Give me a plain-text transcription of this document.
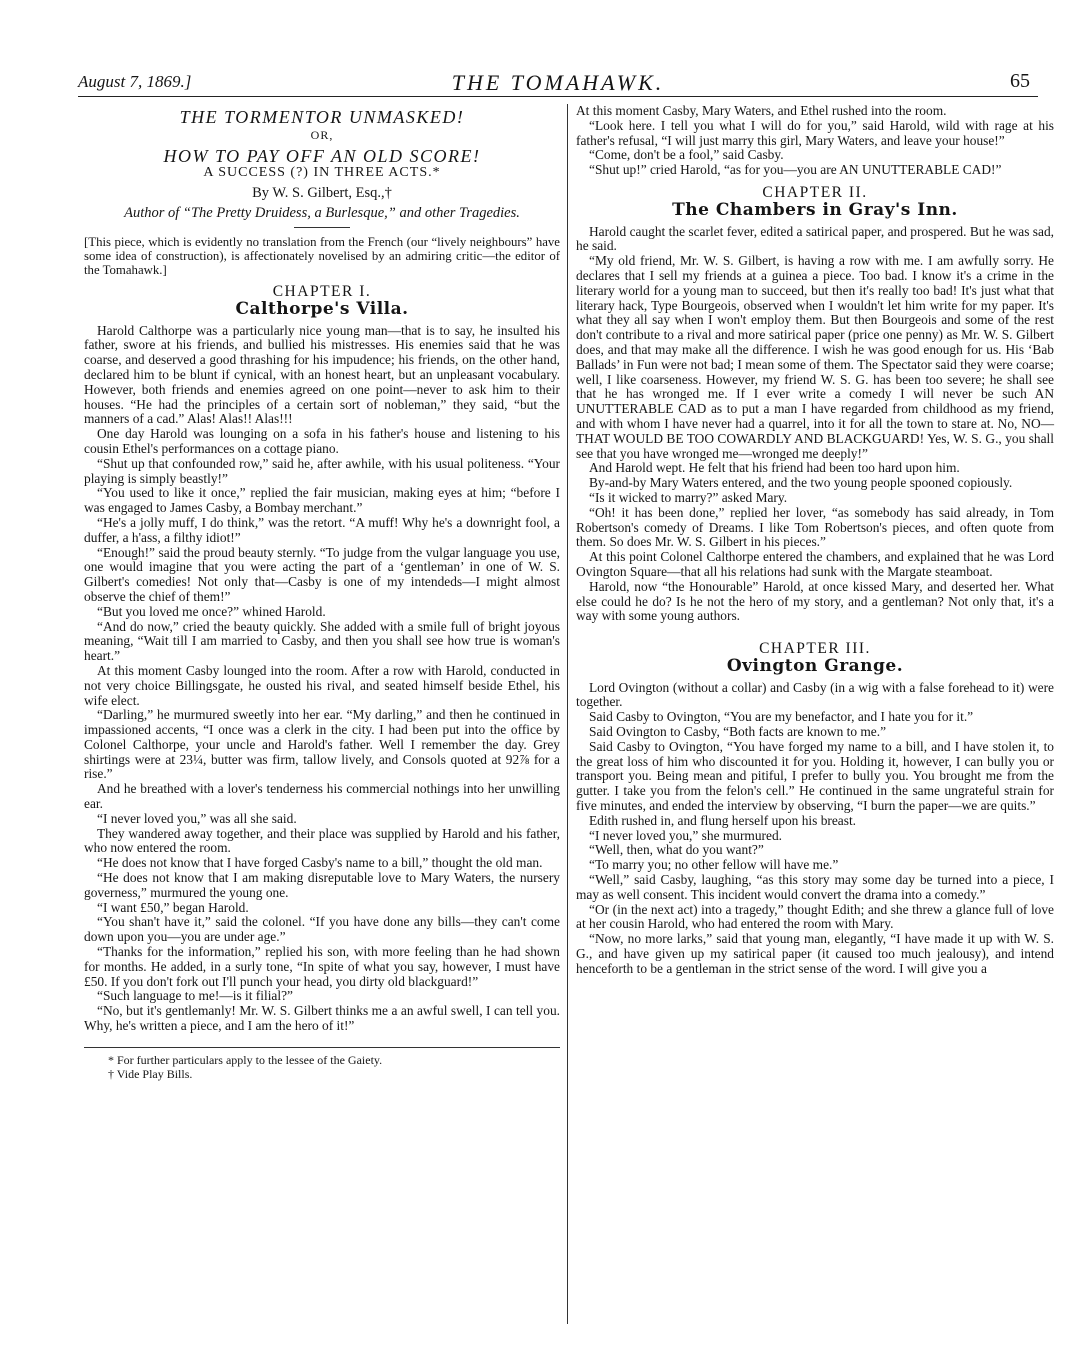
August 7, 1869.]	THE TOMAHAWK.	65
THE TORMENTOR UNMASKED!
OR,
HOW TO PAY OFF AN OLD SCORE!
A SUCCESS (?) IN THREE ACTS.*
By W. S. Gilbert, Esq.,†
Author of “The Pretty Druidess, a Burlesque,” and other Tragedies.

[This piece, which is evidently no translation from the French (our “lively neighbours” have some idea of construction), is affectionately novelised by an admiring critic—the editor of the Tomahawk.]

CHAPTER I.
Calthorpe's Villa.

Harold Calthorpe was a particularly nice young man—that is to say, he insulted his father, swore at his friends, and bullied his mistresses. His enemies said that he was coarse, and deserved a good thrashing for his impudence; his friends, on the other hand, declared him to be blunt if cynical, with an honest heart, but an unpleasant vocabulary. However, both friends and enemies agreed on one point—never to ask him to their houses. “He had the principles of a certain sort of nobleman,” they said, “but the manners of a cad.” Alas! Alas!! Alas!!!

One day Harold was lounging on a sofa in his father's house and listening to his cousin Ethel's performances on a cottage piano.

“Shut up that confounded row,” said he, after awhile, with his usual politeness. “Your playing is simply beastly!”

“You used to like it once,” replied the fair musician, making eyes at him; “before I was engaged to James Casby, a Bombay merchant.”

“He's a jolly muff, I do think,” was the retort. “A muff! Why he's a downright fool, a duffer, a h'ass, a filthy idiot!”

“Enough!” said the proud beauty sternly. “To judge from the vulgar language you use, one would imagine that you were acting the part of a ‘gentleman’ in one of W. S. Gilbert's comedies! Not only that—Casby is one of my intendeds—I might almost observe the chief of them!”

“But you loved me once?” whined Harold.

“And do now,” cried the beauty quickly. She added with a smile full of bright joyous meaning, “Wait till I am married to Casby, and then you shall see how true is woman's heart.”

At this moment Casby lounged into the room. After a row with Harold, conducted in not very choice Billingsgate, he ousted his rival, and seated himself beside Ethel, his wife elect.

“Darling,” he murmured sweetly into her ear. “My darling,” and then he continued in impassioned accents, “I once was a clerk in the city. I had been put into the office by Colonel Calthorpe, your uncle and Harold's father. Well I remember the day. Grey shirtings were at 23¼, butter was firm, tallow lively, and Consols quoted at 92⅞ for a rise.”

And he breathed with a lover's tenderness his commercial nothings into her unwilling ear.

“I never loved you,” was all she said.

They wandered away together, and their place was supplied by Harold and his father, who now entered the room.

“He does not know that I have forged Casby's name to a bill,” thought the old man.

“He does not know that I am making disreputable love to Mary Waters, the nursery governess,” murmured the young one.

“I want £50,” began Harold.

“You shan't have it,” said the colonel. “If you have done any bills—they can't come down upon you—you are under age.”

“Thanks for the information,” replied his son, with more feeling than he had shown for months. He added, in a surly tone, “In spite of what you say, however, I must have £50. If you don't fork out I'll punch your head, you dirty old blackguard!”

“Such language to me!—is it filial?”

“No, but it's gentlemanly! Mr. W. S. Gilbert thinks me a an awful swell, I can tell you. Why, he's written a piece, and I am the hero of it!”

* For further particulars apply to the lessee of the Gaiety.
† Vide Play Bills.

At this moment Casby, Mary Waters, and Ethel rushed into the room.

“Look here. I tell you what I will do for you,” said Harold, wild with rage at his father's refusal, “I will just marry this girl, Mary Waters, and leave your house!”

“Come, don't be a fool,” said Casby.

“Shut up!” cried Harold, “as for you—you are AN UNUTTERABLE CAD!”

CHAPTER II.
The Chambers in Gray's Inn.

Harold caught the scarlet fever, edited a satirical paper, and prospered. But he was sad, he said.

“My old friend, Mr. W. S. Gilbert, is having a row with me. I am awfully sorry. He declares that I sell my friends at a guinea a piece. Too bad. I know it's a crime in the literary world for a young man to succeed, but then it's really too bad! It's just what that literary hack, Type Bourgeois, observed when I wouldn't let him write for my paper. It's what they all say when I won't employ them. But then Bourgeois and some of the rest don't contribute to a rival and more satirical paper (price one penny) as Mr. W. S. Gilbert does, and that may make all the difference. I wish he was good enough for us. His ‘Bab Ballads’ in Fun were not bad; I mean some of them. The Spectator said they were coarse; well, I like coarseness. However, my friend W. S. G. has been too severe; he shall see that he has wronged me. If I ever write a comedy I will never be such AN UNUTTERABLE CAD as to put a man I have regarded from childhood as my friend, and with whom I have never had a quarrel, into it for all the town to stare at. No, NO—THAT WOULD BE TOO COWARDLY AND BLACKGUARD! Yes, W. S. G., you shall see that you have wronged me—wronged me deeply!”

And Harold wept. He felt that his friend had been too hard upon him.

By-and-by Mary Waters entered, and the two young people spooned copiously.

“Is it wicked to marry?” asked Mary.

“Oh! it has been done,” replied her lover, “as somebody has said already, in Tom Robertson's comedy of Dreams. I like Tom Robertson's pieces, and often quote from them. So does Mr. W. S. Gilbert in his pieces.”

At this point Colonel Calthorpe entered the chambers, and explained that he was Lord Ovington Square—that all his relations had sunk with the Margate steamboat.

Harold, now “the Honourable” Harold, at once kissed Mary, and deserted her. What else could he do? Is he not the hero of my story, and a gentleman? Not only that, it's a way with some young authors.

CHAPTER III.
Ovington Grange.

Lord Ovington (without a collar) and Casby (in a wig with a false forehead to it) were together.

Said Casby to Ovington, “You are my benefactor, and I hate you for it.”

Said Ovington to Casby, “Both facts are known to me.”

Said Casby to Ovington, “You have forged my name to a bill, and I have stolen it, to the great loss of him who discounted it for you. Holding it, however, I can bully you or transport you. Being mean and pitiful, I prefer to bully you. You brought me from the gutter. I take you from the felon's cell.” He continued in the same ungrateful strain for five minutes, and ended the interview by observing, “I burn the paper—we are quits.”

Edith rushed in, and flung herself upon his breast.

“I never loved you,” she murmured.

“Well, then, what do you want?”

“To marry you; no other fellow will have me.”

“Well,” said Casby, laughing, “as this story may some day be turned into a piece, I may as well consent. This incident would convert the drama into a comedy.”

“Or (in the next act) into a tragedy,” thought Edith; and she threw a glance full of love at her cousin Harold, who had entered the room with Mary.

“Now, no more larks,” said that young man, elegantly, “I have made it up with W. S. G., and have given up my satirical paper (it caused too much jealousy), and intend henceforth to be a gentleman in the strict sense of the word. I will give you a
